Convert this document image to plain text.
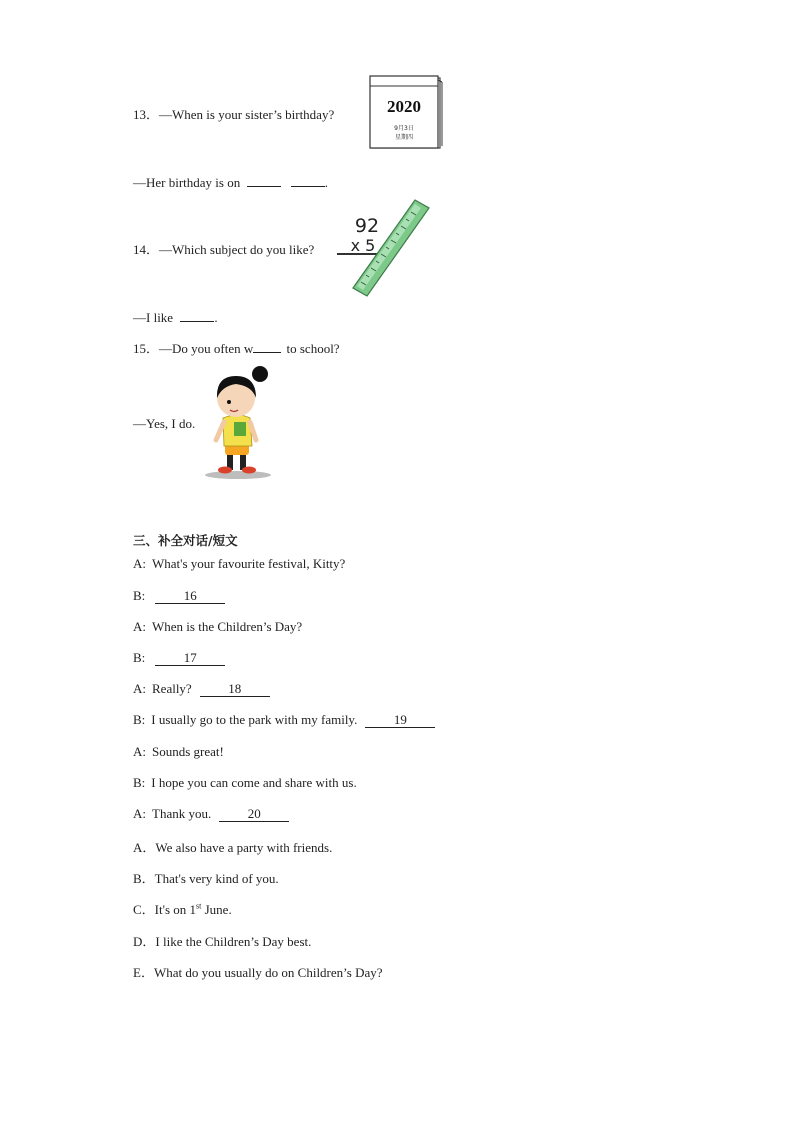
13．—When is your sister’s birthday?	2020
9月3日
星期四
—Her birthday is on	.
14．—Which subject do you like?
92
x 5
—I like	.
15．—Do you often w	to school?
—Yes, I do.
三、补全对话/短文
A: What's your favourite festival, Kitty?
B:	16
A: When is the Children’s Day?
B:	17
A: Really?	18
B: I usually go to the park with my family.	19
A: Sounds great!
B: I hope you can come and share with us.
A: Thank you.	20
A．We also have a party with friends.
B．That's very kind of you.
C．It's on 1st June.
D．I like the Children’s Day best.
E．What do you usually do on Children’s Day?
